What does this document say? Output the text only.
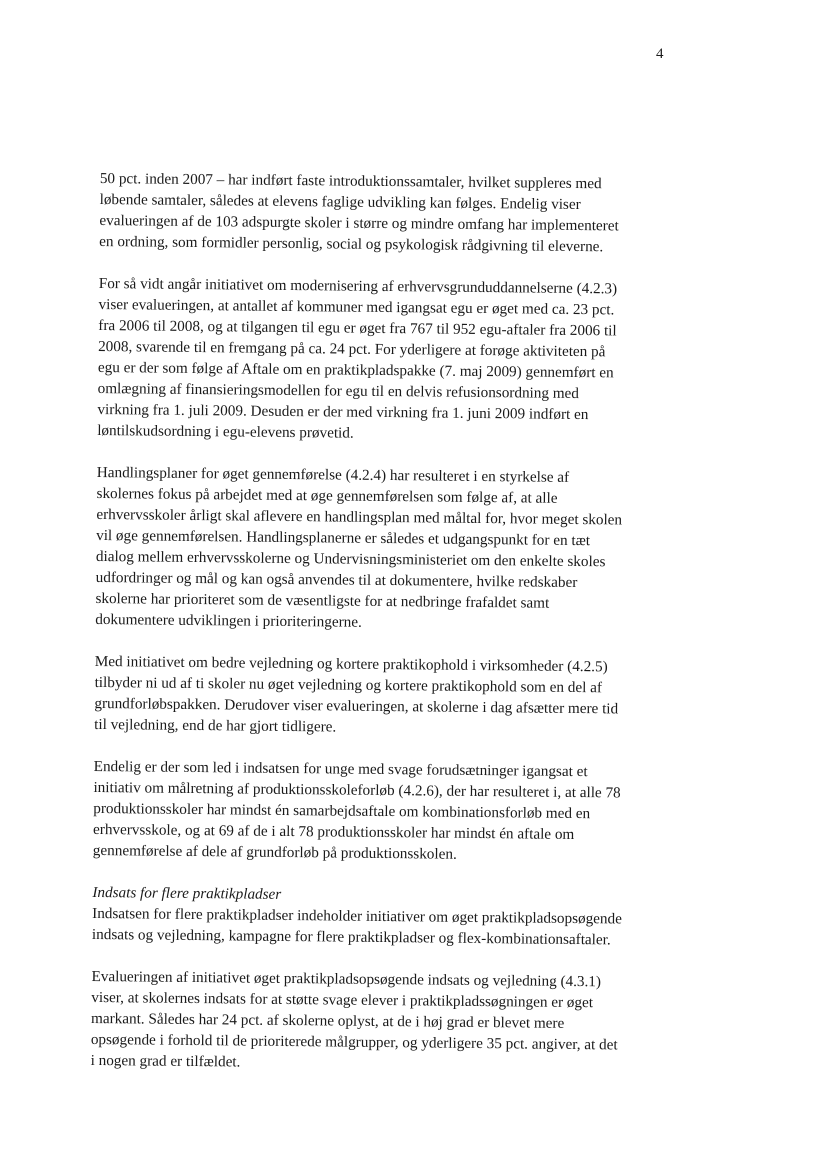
4

50 pct. inden 2007 – har indført faste introduktionssamtaler, hvilket suppleres med løbende samtaler, således at elevens faglige udvikling kan følges. Endelig viser evalueringen af de 103 adspurgte skoler i større og mindre omfang har implementeret en ordning, som formidler personlig, social og psykologisk rådgivning til eleverne.

For så vidt angår initiativet om modernisering af erhvervsgrunduddannelserne (4.2.3) viser evalueringen, at antallet af kommuner med igangsat egu er øget med ca. 23 pct. fra 2006 til 2008, og at tilgangen til egu er øget fra 767 til 952 egu-aftaler fra 2006 til 2008, svarende til en fremgang på ca. 24 pct. For yderligere at forøge aktiviteten på egu er der som følge af Aftale om en praktikpladspakke (7. maj 2009) gennemført en omlægning af finansieringsmodellen for egu til en delvis refusionsordning med virkning fra 1. juli 2009. Desuden er der med virkning fra 1. juni 2009 indført en løntilskudsordning i egu-elevens prøvetid.

Handlingsplaner for øget gennemførelse (4.2.4) har resulteret i en styrkelse af skolernes fokus på arbejdet med at øge gennemførelsen som følge af, at alle erhvervsskoler årligt skal aflevere en handlingsplan med måltal for, hvor meget skolen vil øge gennemførelsen. Handlingsplanerne er således et udgangspunkt for en tæt dialog mellem erhvervsskolerne og Undervisningsministeriet om den enkelte skoles udfordringer og mål og kan også anvendes til at dokumentere, hvilke redskaber skolerne har prioriteret som de væsentligste for at nedbringe frafaldet samt dokumentere udviklingen i prioriteringerne.

Med initiativet om bedre vejledning og kortere praktikophold i virksomheder (4.2.5) tilbyder ni ud af ti skoler nu øget vejledning og kortere praktikophold som en del af grundforløbspakken. Derudover viser evalueringen, at skolerne i dag afsætter mere tid til vejledning, end de har gjort tidligere.

Endelig er der som led i indsatsen for unge med svage forudsætninger igangsat et initiativ om målretning af produktionsskoleforløb (4.2.6), der har resulteret i, at alle 78 produktionsskoler har mindst én samarbejdsaftale om kombinationsforløb med en erhvervsskole, og at 69 af de i alt 78 produktionsskoler har mindst én aftale om gennemførelse af dele af grundforløb på produktionsskolen.

Indsats for flere praktikpladser
Indsatsen for flere praktikpladser indeholder initiativer om øget praktikpladsopsøgende indsats og vejledning, kampagne for flere praktikpladser og flex-kombinationsaftaler.

Evalueringen af initiativet øget praktikpladsopsøgende indsats og vejledning (4.3.1) viser, at skolernes indsats for at støtte svage elever i praktikpladssøgningen er øget markant. Således har 24 pct. af skolerne oplyst, at de i høj grad er blevet mere opsøgende i forhold til de prioriterede målgrupper, og yderligere 35 pct. angiver, at det i nogen grad er tilfældet.
